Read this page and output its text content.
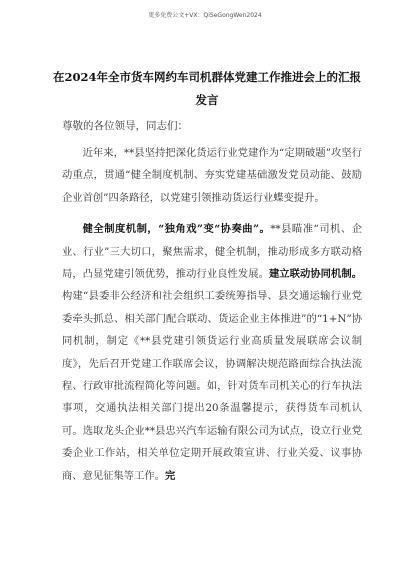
更多免费公文+VX：QiSeGongWen2024
在2024年全市货车网约车司机群体党建工作推进会上的汇报发言
尊敬的各位领导，同志们：

近年来，**县坚持把深化货运行业党建作为“定期破题”攻坚行动重点，贯通“健全制度机制、夯实党建基础激发党员动能、鼓励企业首创”四条路径，以党建引领推动货运行业蝶变提升。

健全制度机制，“独角戏”变“协奏曲”。**县瞄准“司机、企业、行业”三大切口，聚焦需求，健全机制，推动形成多方联动格局，凸显党建引领优势，推动行业良性发展。建立联动协同机制。构建“县委非公经济和社会组织工委统筹指导、县交通运输行业党委牵头抓总、相关部门配合联动、货运企业主体推进”的“1+N”协同机制，制定《**县党建引领货运行业高质量发展联席会议制度》，先后召开党建工作联席会议，协调解决规范路面综合执法流程、行政审批流程简化等问题。如，针对货车司机关心的行车执法事项，交通执法相关部门提出20条温馨提示，获得货车司机认可。选取龙头企业**县忠兴汽车运输有限公司为试点，设立行业党委企业工作站，相关单位定期开展政策宣讲、行业关爱、议事协商、意见征集等工作。完
